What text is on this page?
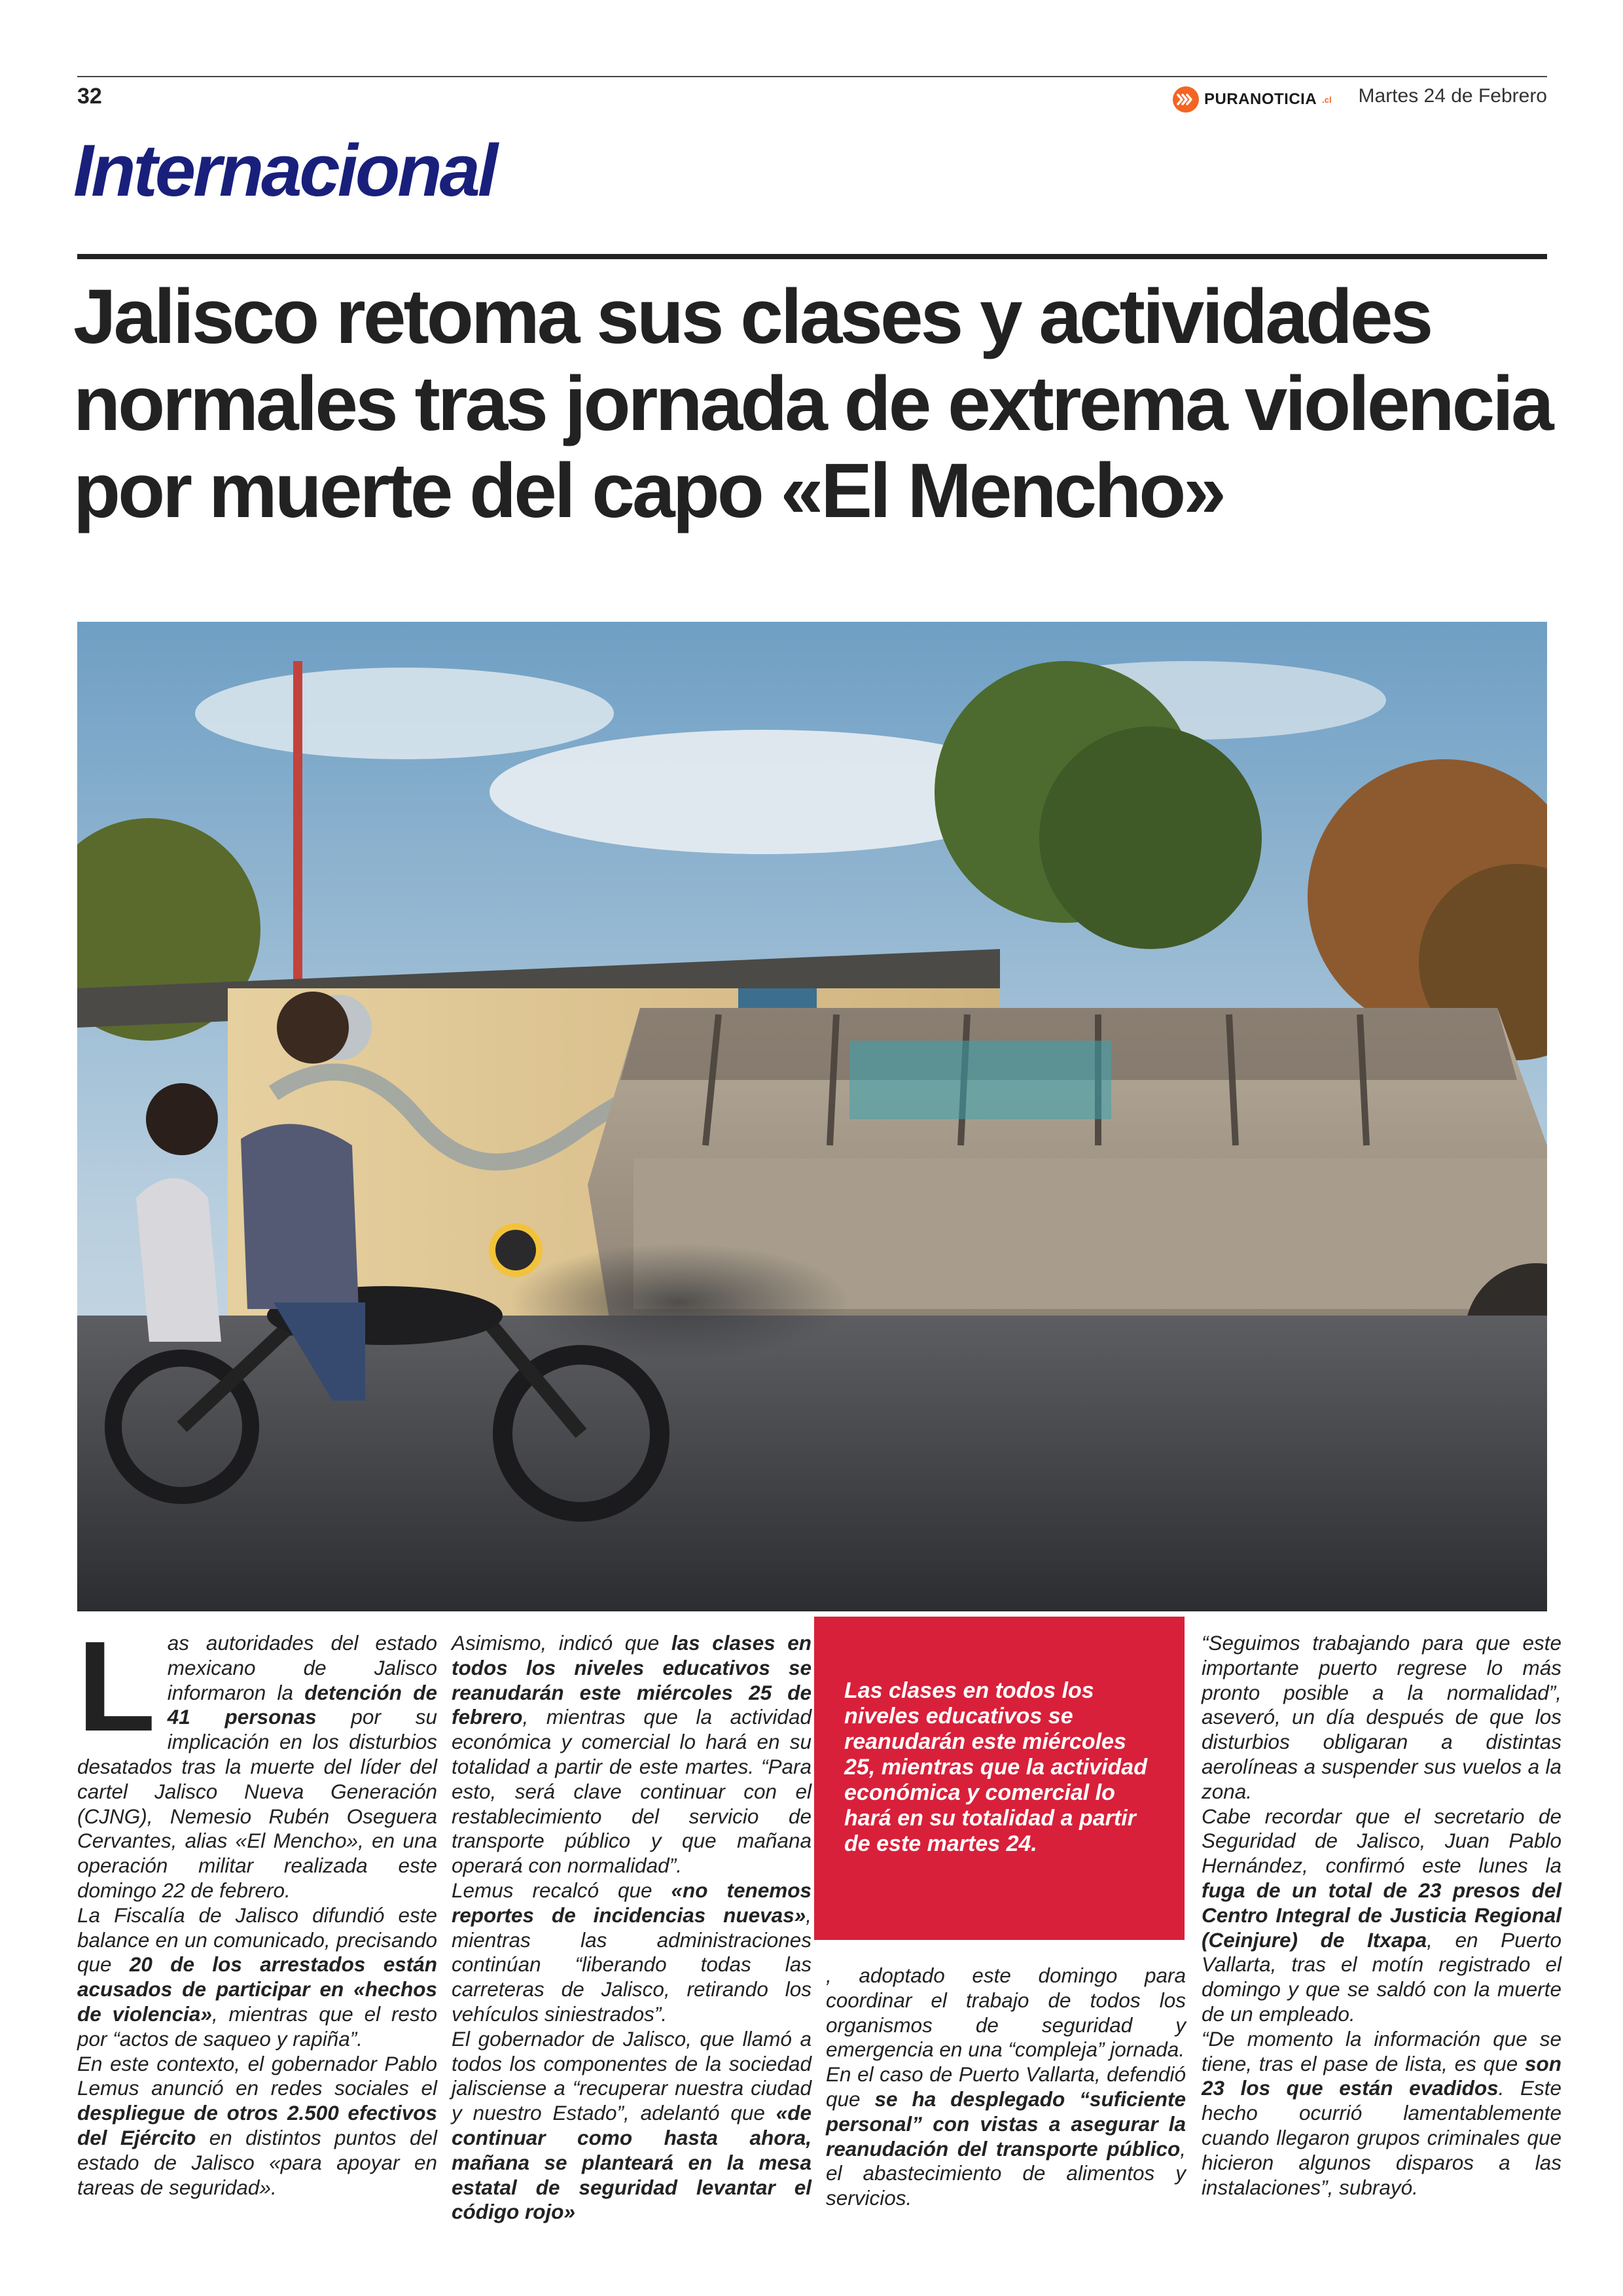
32	PURANOTICIA .cl Martes 24 de Febrero
Internacional
Jalisco retoma sus clases y actividades normales tras jornada de extrema violencia por muerte del capo «El Mencho»
L as autoridades del estado mexicano de Jalisco informaron la detención de 41 personas por su implicación en los disturbios desatados tras la muerte del líder del cartel Jalisco Nueva Generación (CJNG), Nemesio Rubén Oseguera Cervantes, alias «El Mencho», en una operación militar realizada este domingo 22 de febrero.

La Fiscalía de Jalisco difundió este balance en un comunicado, precisando que 20 de los arrestados están acusados de participar en «hechos de violencia», mientras que el resto por “actos de saqueo y rapiña”.

En este contexto, el gobernador Pablo Lemus anunció en redes sociales el despliegue de otros 2.500 efectivos del Ejército en distintos puntos del estado de Jalisco «para apoyar en tareas de seguridad».

Asimismo, indicó que las clases en todos los niveles educativos se reanudarán este miércoles 25 de febrero, mientras que la actividad económica y comercial lo hará en su totalidad a partir de este martes. “Para esto, será clave continuar con el restablecimiento del servicio de transporte público y que mañana operará con normalidad”.

Lemus recalcó que «no tenemos reportes de incidencias nuevas», mientras las administraciones continúan “liberando todas las carreteras de Jalisco, retirando los vehículos siniestrados”.

El gobernador de Jalisco, que llamó a todos los componentes de la sociedad jalisciense a “recuperar nuestra ciudad y nuestro Estado”, adelantó que «de continuar como hasta ahora, mañana se planteará en la mesa estatal de seguridad levantar el código rojo»

Las clases en todos los niveles educativos se reanudarán este miércoles 25, mientras que la actividad económica y comercial lo hará en su totalidad a partir de este martes 24.

, adoptado este domingo para coordinar el trabajo de todos los organismos de seguridad y emergencia en una “compleja” jornada.

En el caso de Puerto Vallarta, defendió que se ha desplegado “suficiente personal” con vistas a asegurar la reanudación del transporte público, el abastecimiento de alimentos y servicios.

“Seguimos trabajando para que este importante puerto regrese lo más pronto posible a la normalidad”, aseveró, un día después de que los disturbios obligaran a distintas aerolíneas a suspender sus vuelos a la zona.

Cabe recordar que el secretario de Seguridad de Jalisco, Juan Pablo Hernández, confirmó este lunes la fuga de un total de 23 presos del Centro Integral de Justicia Regional (Ceinjure) de Itxapa, en Puerto Vallarta, tras el motín registrado el domingo y que se saldó con la muerte de un empleado.

“De momento la información que se tiene, tras el pase de lista, es que son 23 los que están evadidos. Este hecho ocurrió lamentablemente cuando llegaron grupos criminales que hicieron algunos disparos a las instalaciones”, subrayó.
